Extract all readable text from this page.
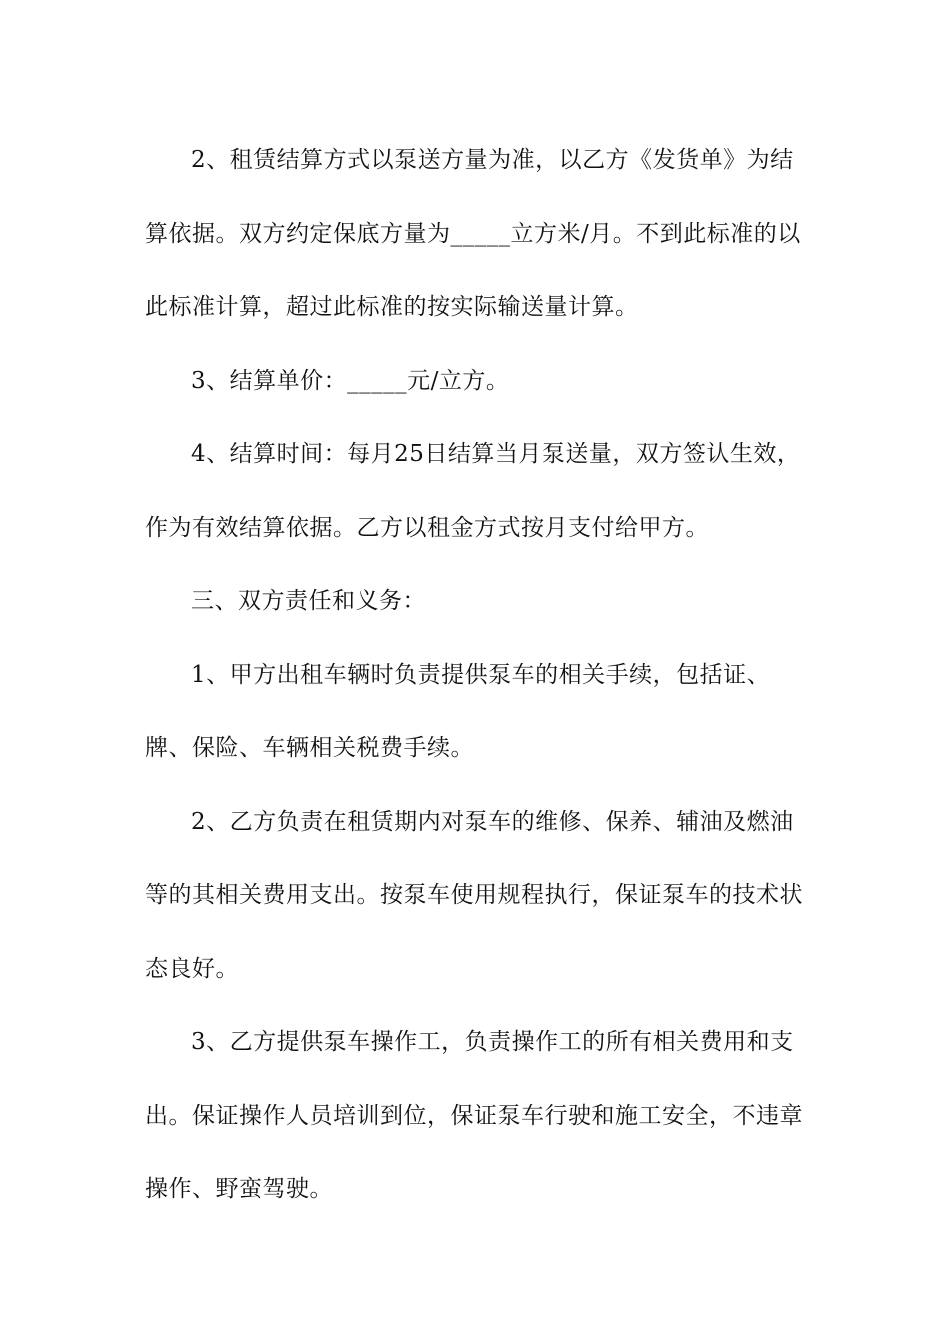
2、租赁结算方式以泵送方量为准，以乙方《发货单》为结算依据。双方约定保底方量为_____立方米/月。不到此标准的以此标准计算，超过此标准的按实际输送量计算。

3、结算单价：_____元/立方。

4、结算时间：每月25日结算当月泵送量，双方签认生效，作为有效结算依据。乙方以租金方式按月支付给甲方。

三、双方责任和义务：

1、甲方出租车辆时负责提供泵车的相关手续，包括证、牌、保险、车辆相关税费手续。

2、乙方负责在租赁期内对泵车的维修、保养、辅油及燃油等的其相关费用支出。按泵车使用规程执行，保证泵车的技术状态良好。

3、乙方提供泵车操作工，负责操作工的所有相关费用和支出。保证操作人员培训到位，保证泵车行驶和施工安全，不违章操作、野蛮驾驶。
